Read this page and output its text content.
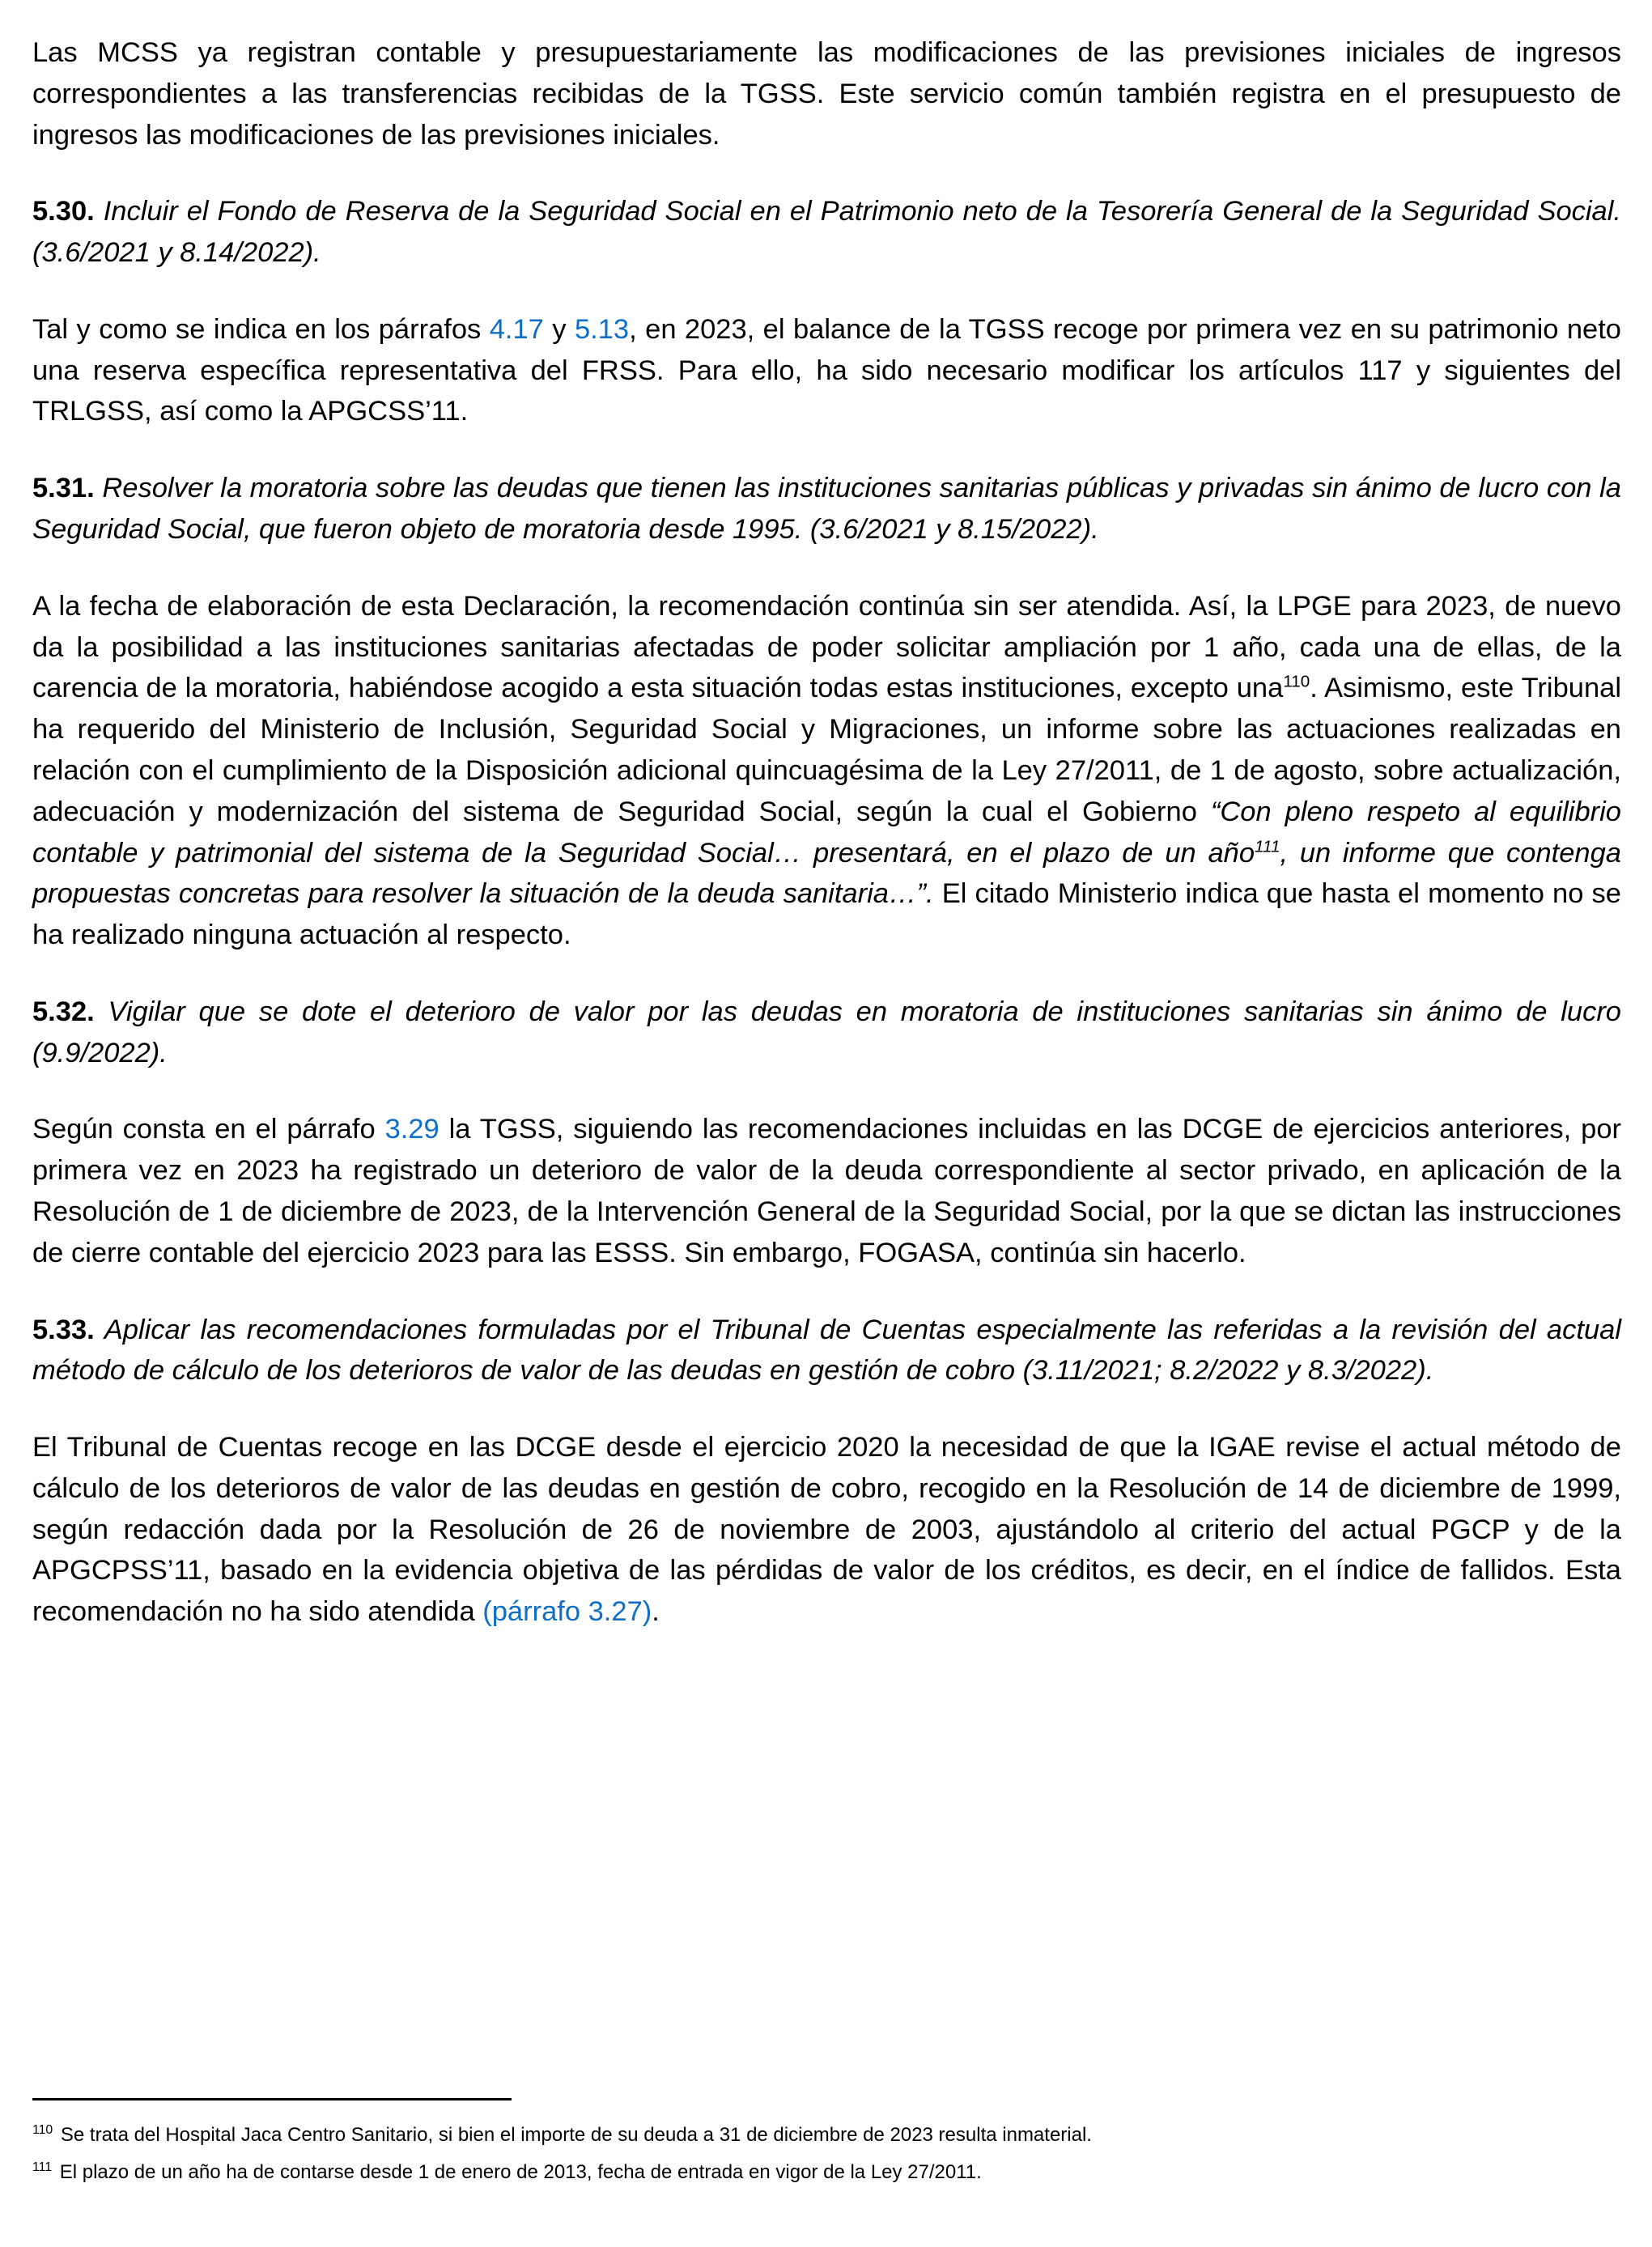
Las MCSS ya registran contable y presupuestariamente las modificaciones de las previsiones iniciales de ingresos correspondientes a las transferencias recibidas de la TGSS. Este servicio común también registra en el presupuesto de ingresos las modificaciones de las previsiones iniciales.

5.30. Incluir el Fondo de Reserva de la Seguridad Social en el Patrimonio neto de la Tesorería General de la Seguridad Social. (3.6/2021 y 8.14/2022).

Tal y como se indica en los párrafos 4.17 y 5.13, en 2023, el balance de la TGSS recoge por primera vez en su patrimonio neto una reserva específica representativa del FRSS. Para ello, ha sido necesario modificar los artículos 117 y siguientes del TRLGSS, así como la APGCSS’11.

5.31. Resolver la moratoria sobre las deudas que tienen las instituciones sanitarias públicas y privadas sin ánimo de lucro con la Seguridad Social, que fueron objeto de moratoria desde 1995. (3.6/2021 y 8.15/2022).

A la fecha de elaboración de esta Declaración, la recomendación continúa sin ser atendida. Así, la LPGE para 2023, de nuevo da la posibilidad a las instituciones sanitarias afectadas de poder solicitar ampliación por 1 año, cada una de ellas, de la carencia de la moratoria, habiéndose acogido a esta situación todas estas instituciones, excepto una$^{110}$. Asimismo, este Tribunal ha requerido del Ministerio de Inclusión, Seguridad Social y Migraciones, un informe sobre las actuaciones realizadas en relación con el cumplimiento de la Disposición adicional quincuagésima de la Ley 27/2011, de 1 de agosto, sobre actualización, adecuación y modernización del sistema de Seguridad Social, según la cual el Gobierno “Con pleno respeto al equilibrio contable y patrimonial del sistema de la Seguridad Social… presentará, en el plazo de un año$^{111}$, un informe que contenga propuestas concretas para resolver la situación de la deuda sanitaria…”. El citado Ministerio indica que hasta el momento no se ha realizado ninguna actuación al respecto.

5.32. Vigilar que se dote el deterioro de valor por las deudas en moratoria de instituciones sanitarias sin ánimo de lucro (9.9/2022).

Según consta en el párrafo 3.29 la TGSS, siguiendo las recomendaciones incluidas en las DCGE de ejercicios anteriores, por primera vez en 2023 ha registrado un deterioro de valor de la deuda correspondiente al sector privado, en aplicación de la Resolución de 1 de diciembre de 2023, de la Intervención General de la Seguridad Social, por la que se dictan las instrucciones de cierre contable del ejercicio 2023 para las ESSS. Sin embargo, FOGASA, continúa sin hacerlo.

5.33. Aplicar las recomendaciones formuladas por el Tribunal de Cuentas especialmente las referidas a la revisión del actual método de cálculo de los deterioros de valor de las deudas en gestión de cobro (3.11/2021; 8.2/2022 y 8.3/2022).

El Tribunal de Cuentas recoge en las DCGE desde el ejercicio 2020 la necesidad de que la IGAE revise el actual método de cálculo de los deterioros de valor de las deudas en gestión de cobro, recogido en la Resolución de 14 de diciembre de 1999, según redacción dada por la Resolución de 26 de noviembre de 2003, ajustándolo al criterio del actual PGCP y de la APGCPSS’11, basado en la evidencia objetiva de las pérdidas de valor de los créditos, es decir, en el índice de fallidos. Esta recomendación no ha sido atendida (párrafo 3.27).

$^{110}$ Se trata del Hospital Jaca Centro Sanitario, si bien el importe de su deuda a 31 de diciembre de 2023 resulta inmaterial.

$^{111}$ El plazo de un año ha de contarse desde 1 de enero de 2013, fecha de entrada en vigor de la Ley 27/2011.
